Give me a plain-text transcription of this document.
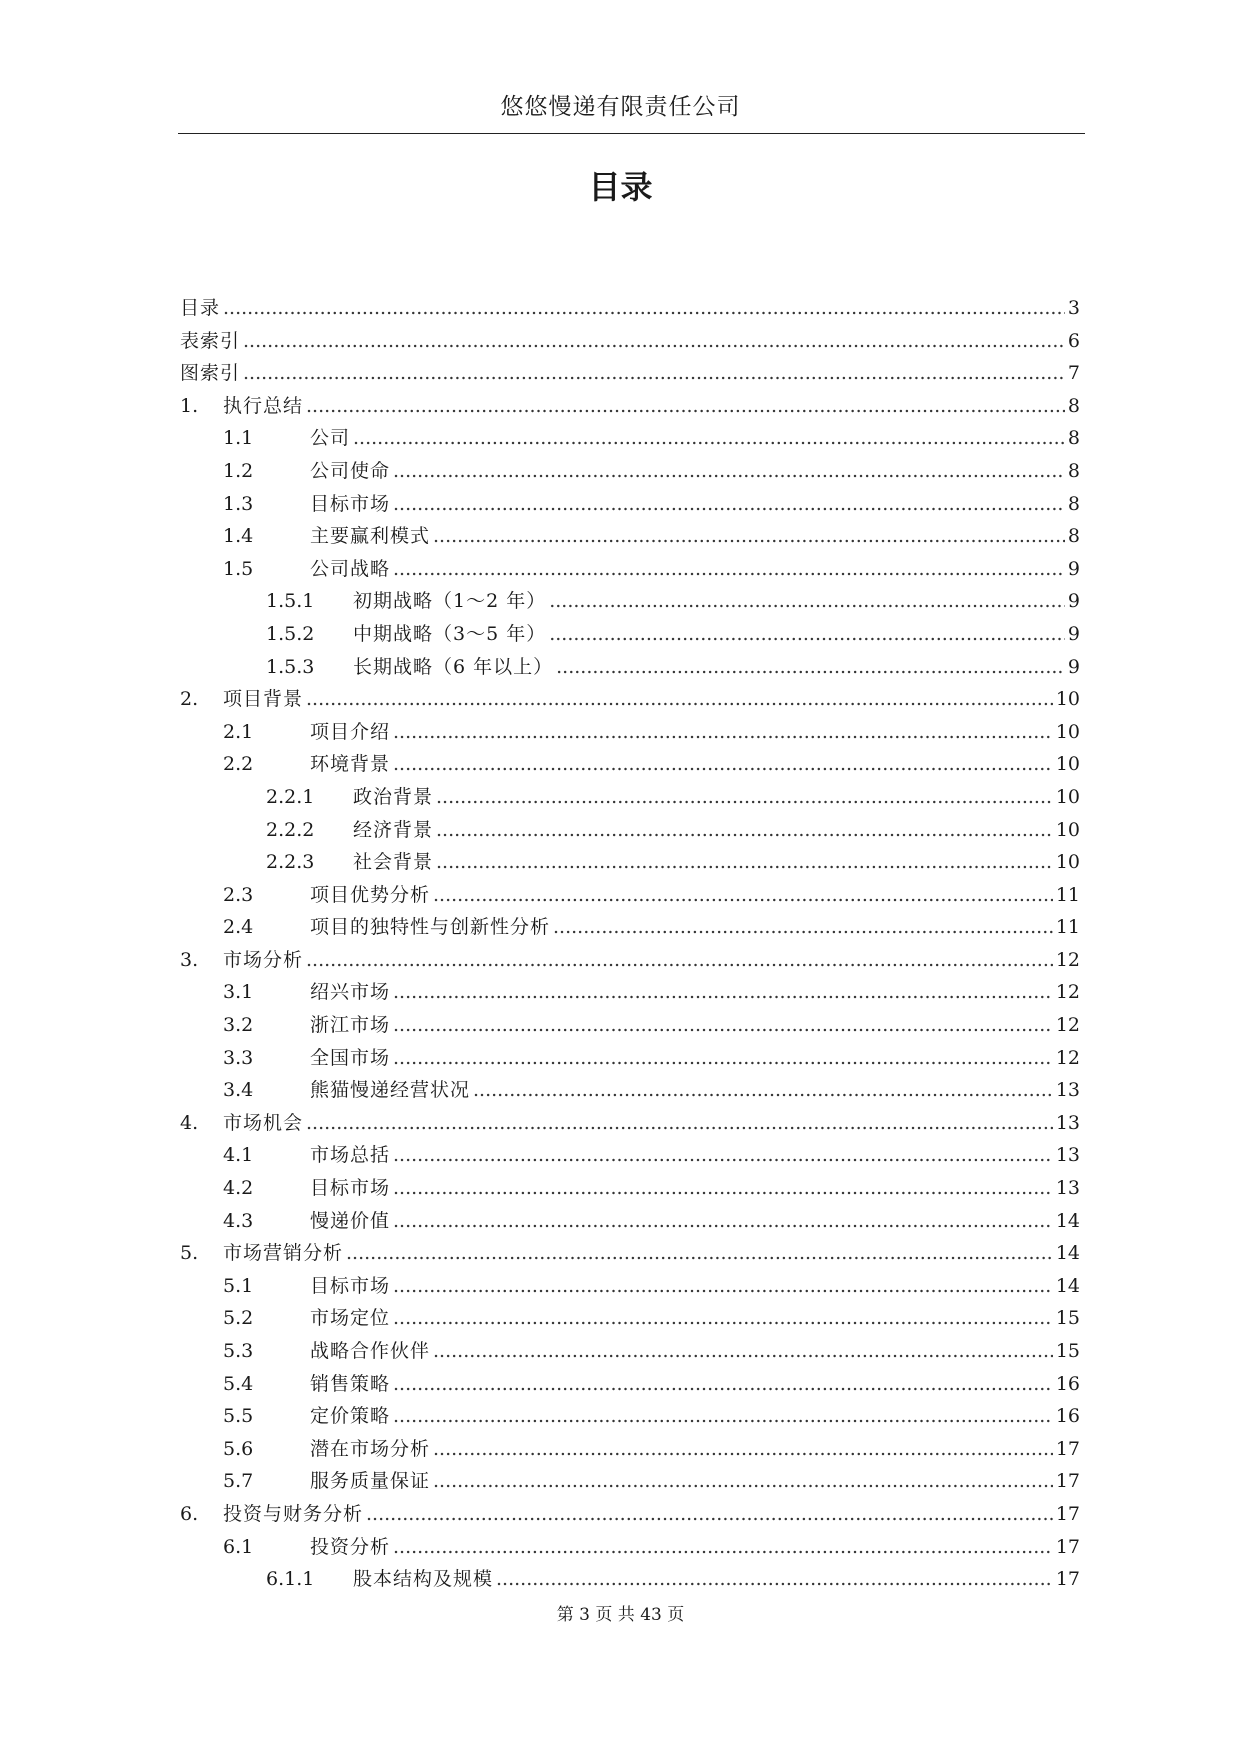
悠悠慢递有限责任公司
目录
目录 .....	3
表索引 .....	6
图索引 .....	7
1.	执行总结 .....	8
1.1	公司 .....	8
1.2	公司使命 .....	8
1.3	目标市场 .....	8
1.4	主要赢利模式 .....	8
1.5	公司战略 .....	9
1.5.1	初期战略（1～2 年） .....	9
1.5.2	中期战略（3～5 年） .....	9
1.5.3	长期战略（6 年以上） .....	9
2.	项目背景 .....	10
2.1	项目介绍 .....	10
2.2	环境背景 .....	10
2.2.1	政治背景 .....	10
2.2.2	经济背景 .....	10
2.2.3	社会背景 .....	10
2.3	项目优势分析 .....	11
2.4	项目的独特性与创新性分析 .....	11
3.	市场分析 .....	12
3.1	绍兴市场 .....	12
3.2	浙江市场 .....	12
3.3	全国市场 .....	12
3.4	熊猫慢递经营状况 .....	13
4.	市场机会 .....	13
4.1	市场总括 .....	13
4.2	目标市场 .....	13
4.3	慢递价值 .....	14
5.	市场营销分析 .....	14
5.1	目标市场 .....	14
5.2	市场定位 .....	15
5.3	战略合作伙伴 .....	15
5.4	销售策略 .....	16
5.5	定价策略 .....	16
5.6	潜在市场分析 .....	17
5.7	服务质量保证 .....	17
6.	投资与财务分析 .....	17
6.1	投资分析 .....	17
6.1.1	股本结构及规模 .....	17
第 3 页 共 43 页
